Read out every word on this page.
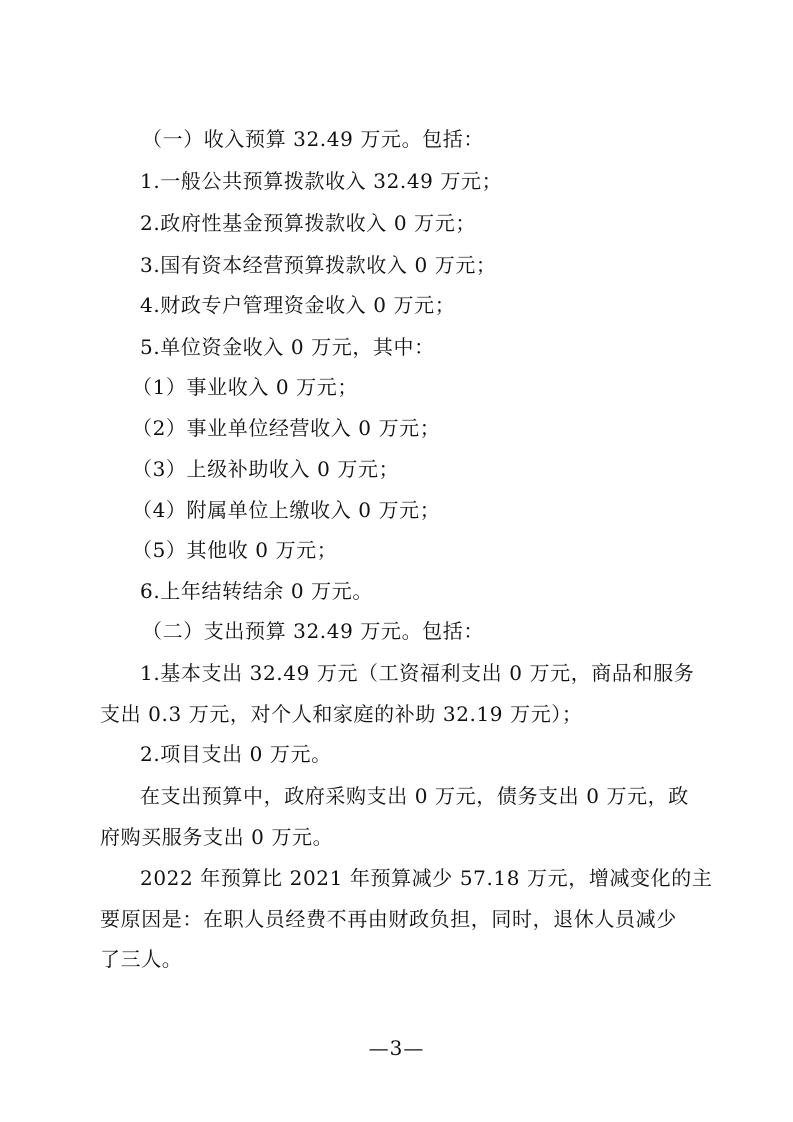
（一）收入预算 32.49 万元。包括：
1.一般公共预算拨款收入 32.49 万元；
2.政府性基金预算拨款收入 0 万元；
3.国有资本经营预算拨款收入 0 万元；
4.财政专户管理资金收入 0 万元；
5.单位资金收入 0 万元，其中：
（1）事业收入 0 万元；
（2）事业单位经营收入 0 万元；
（3）上级补助收入 0 万元；
（4）附属单位上缴收入 0 万元；
（5）其他收 0 万元；
6.上年结转结余 0 万元。
（二）支出预算 32.49 万元。包括：
1.基本支出 32.49 万元（工资福利支出 0 万元，商品和服务
支出 0.3 万元，对个人和家庭的补助 32.19 万元）；
2.项目支出 0 万元。
在支出预算中，政府采购支出 0 万元，债务支出 0 万元，政
府购买服务支出 0 万元。
2022 年预算比 2021 年预算减少 57.18 万元，增减变化的主
要原因是：在职人员经费不再由财政负担，同时，退休人员减少
了三人。
—3—
